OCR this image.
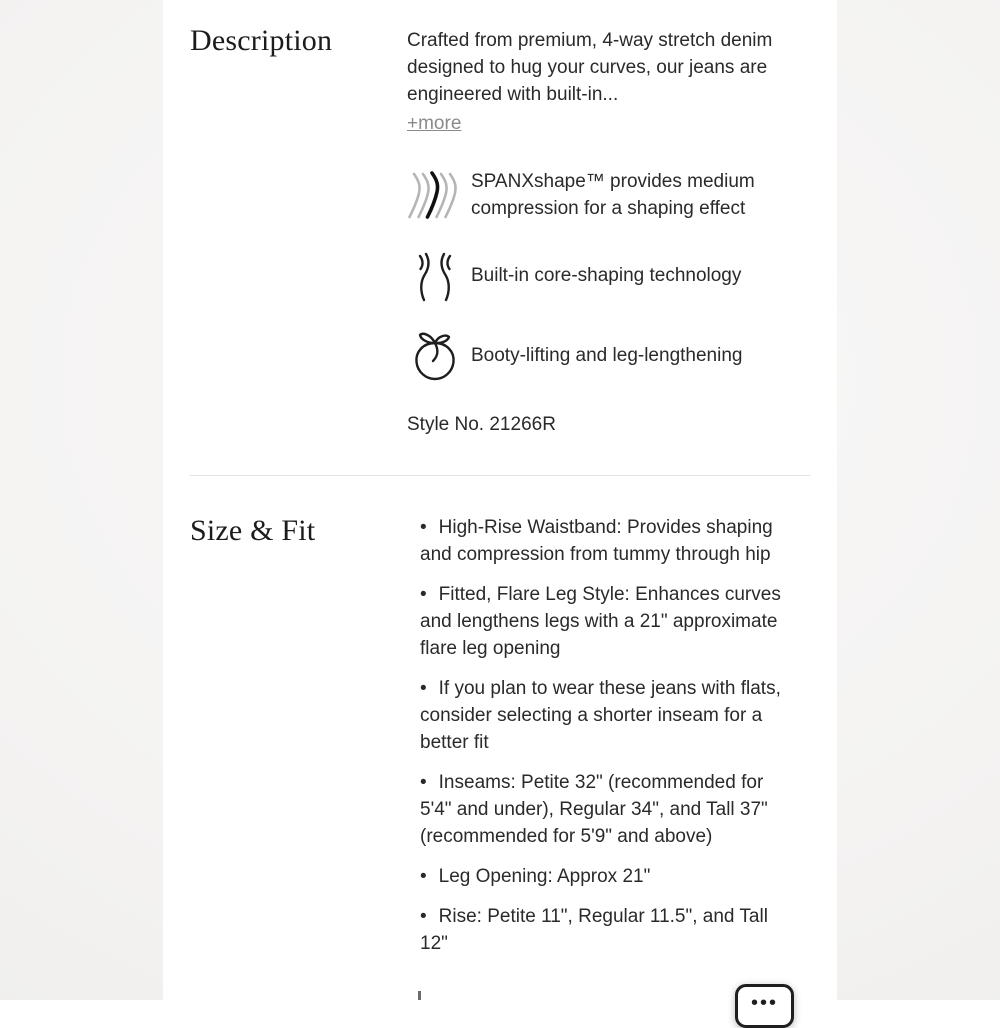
Description	Crafted from premium, 4-way stretch denim designed to hug your curves, our jeans are engineered with built-in...

+more
SPANXshape™ provides medium compression for a shaping effect
Built-in core-shaping technology
Booty-lifting and leg-lengthening

Style No. 21266R

Size & Fit	• High-Rise Waistband: Provides shaping and compression from tummy through hip
• Fitted, Flare Leg Style: Enhances curves and lengthens legs with a 21" approximate flare leg opening
• If you plan to wear these jeans with flats, consider selecting a shorter inseam for a better fit
• Inseams: Petite 32" (recommended for 5'4" and under), Regular 34", and Tall 37" (recommended for 5'9" and above)
• Leg Opening: Approx 21"
• Rise: Petite 11", Regular 11.5", and Tall 12"
•••
